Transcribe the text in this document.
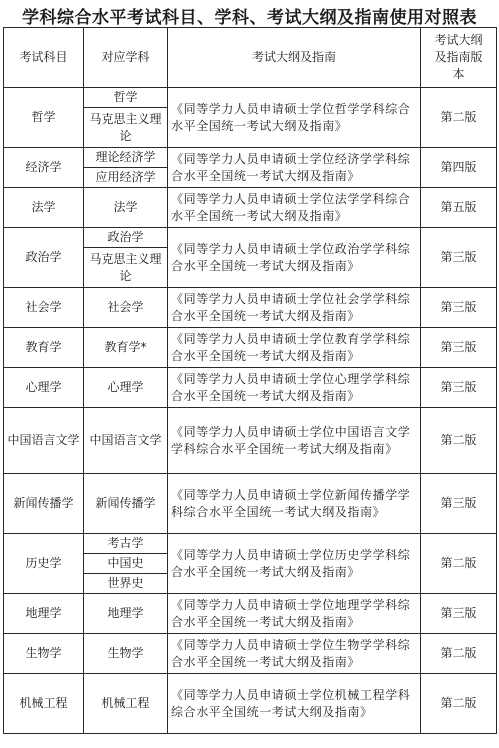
学科综合水平考试科目、学科、考试大纲及指南使用对照表
考试科目	对应学科	考试大纲及指南	考试大纲及指南版本
哲学	哲学	《同等学力人员申请硕士学位哲学学科综合水平全国统一考试大纲及指南》	第二版
	马克思主义理论		
经济学	理论经济学	《同等学力人员申请硕士学位经济学学科综合水平全国统一考试大纲及指南》	第四版
	应用经济学		
法学	法学	《同等学力人员申请硕士学位法学学科综合水平全国统一考试大纲及指南》	第五版
政治学	政治学	《同等学力人员申请硕士学位政治学学科综合水平全国统一考试大纲及指南》	第三版
	马克思主义理论		
社会学	社会学	《同等学力人员申请硕士学位社会学学科综合水平全国统一考试大纲及指南》	第三版
教育学	教育学*	《同等学力人员申请硕士学位教育学学科综合水平全国统一考试大纲及指南》	第三版
心理学	心理学	《同等学力人员申请硕士学位心理学学科综合水平全国统一考试大纲及指南》	第三版
中国语言文学	中国语言文学	《同等学力人员申请硕士学位中国语言文学学科综合水平全国统一考试大纲及指南》	第二版
新闻传播学	新闻传播学	《同等学力人员申请硕士学位新闻传播学学科综合水平全国统一考试大纲及指南》	第三版
历史学	考古学	《同等学力人员申请硕士学位历史学学科综合水平全国统一考试大纲及指南》	第二版
	中国史		
	世界史		
地理学	地理学	《同等学力人员申请硕士学位地理学学科综合水平全国统一考试大纲及指南》	第三版
生物学	生物学	《同等学力人员申请硕士学位生物学学科综合水平全国统一考试大纲及指南》	第二版
机械工程	机械工程	《同等学力人员申请硕士学位机械工程学科综合水平全国统一考试大纲及指南》	第二版
